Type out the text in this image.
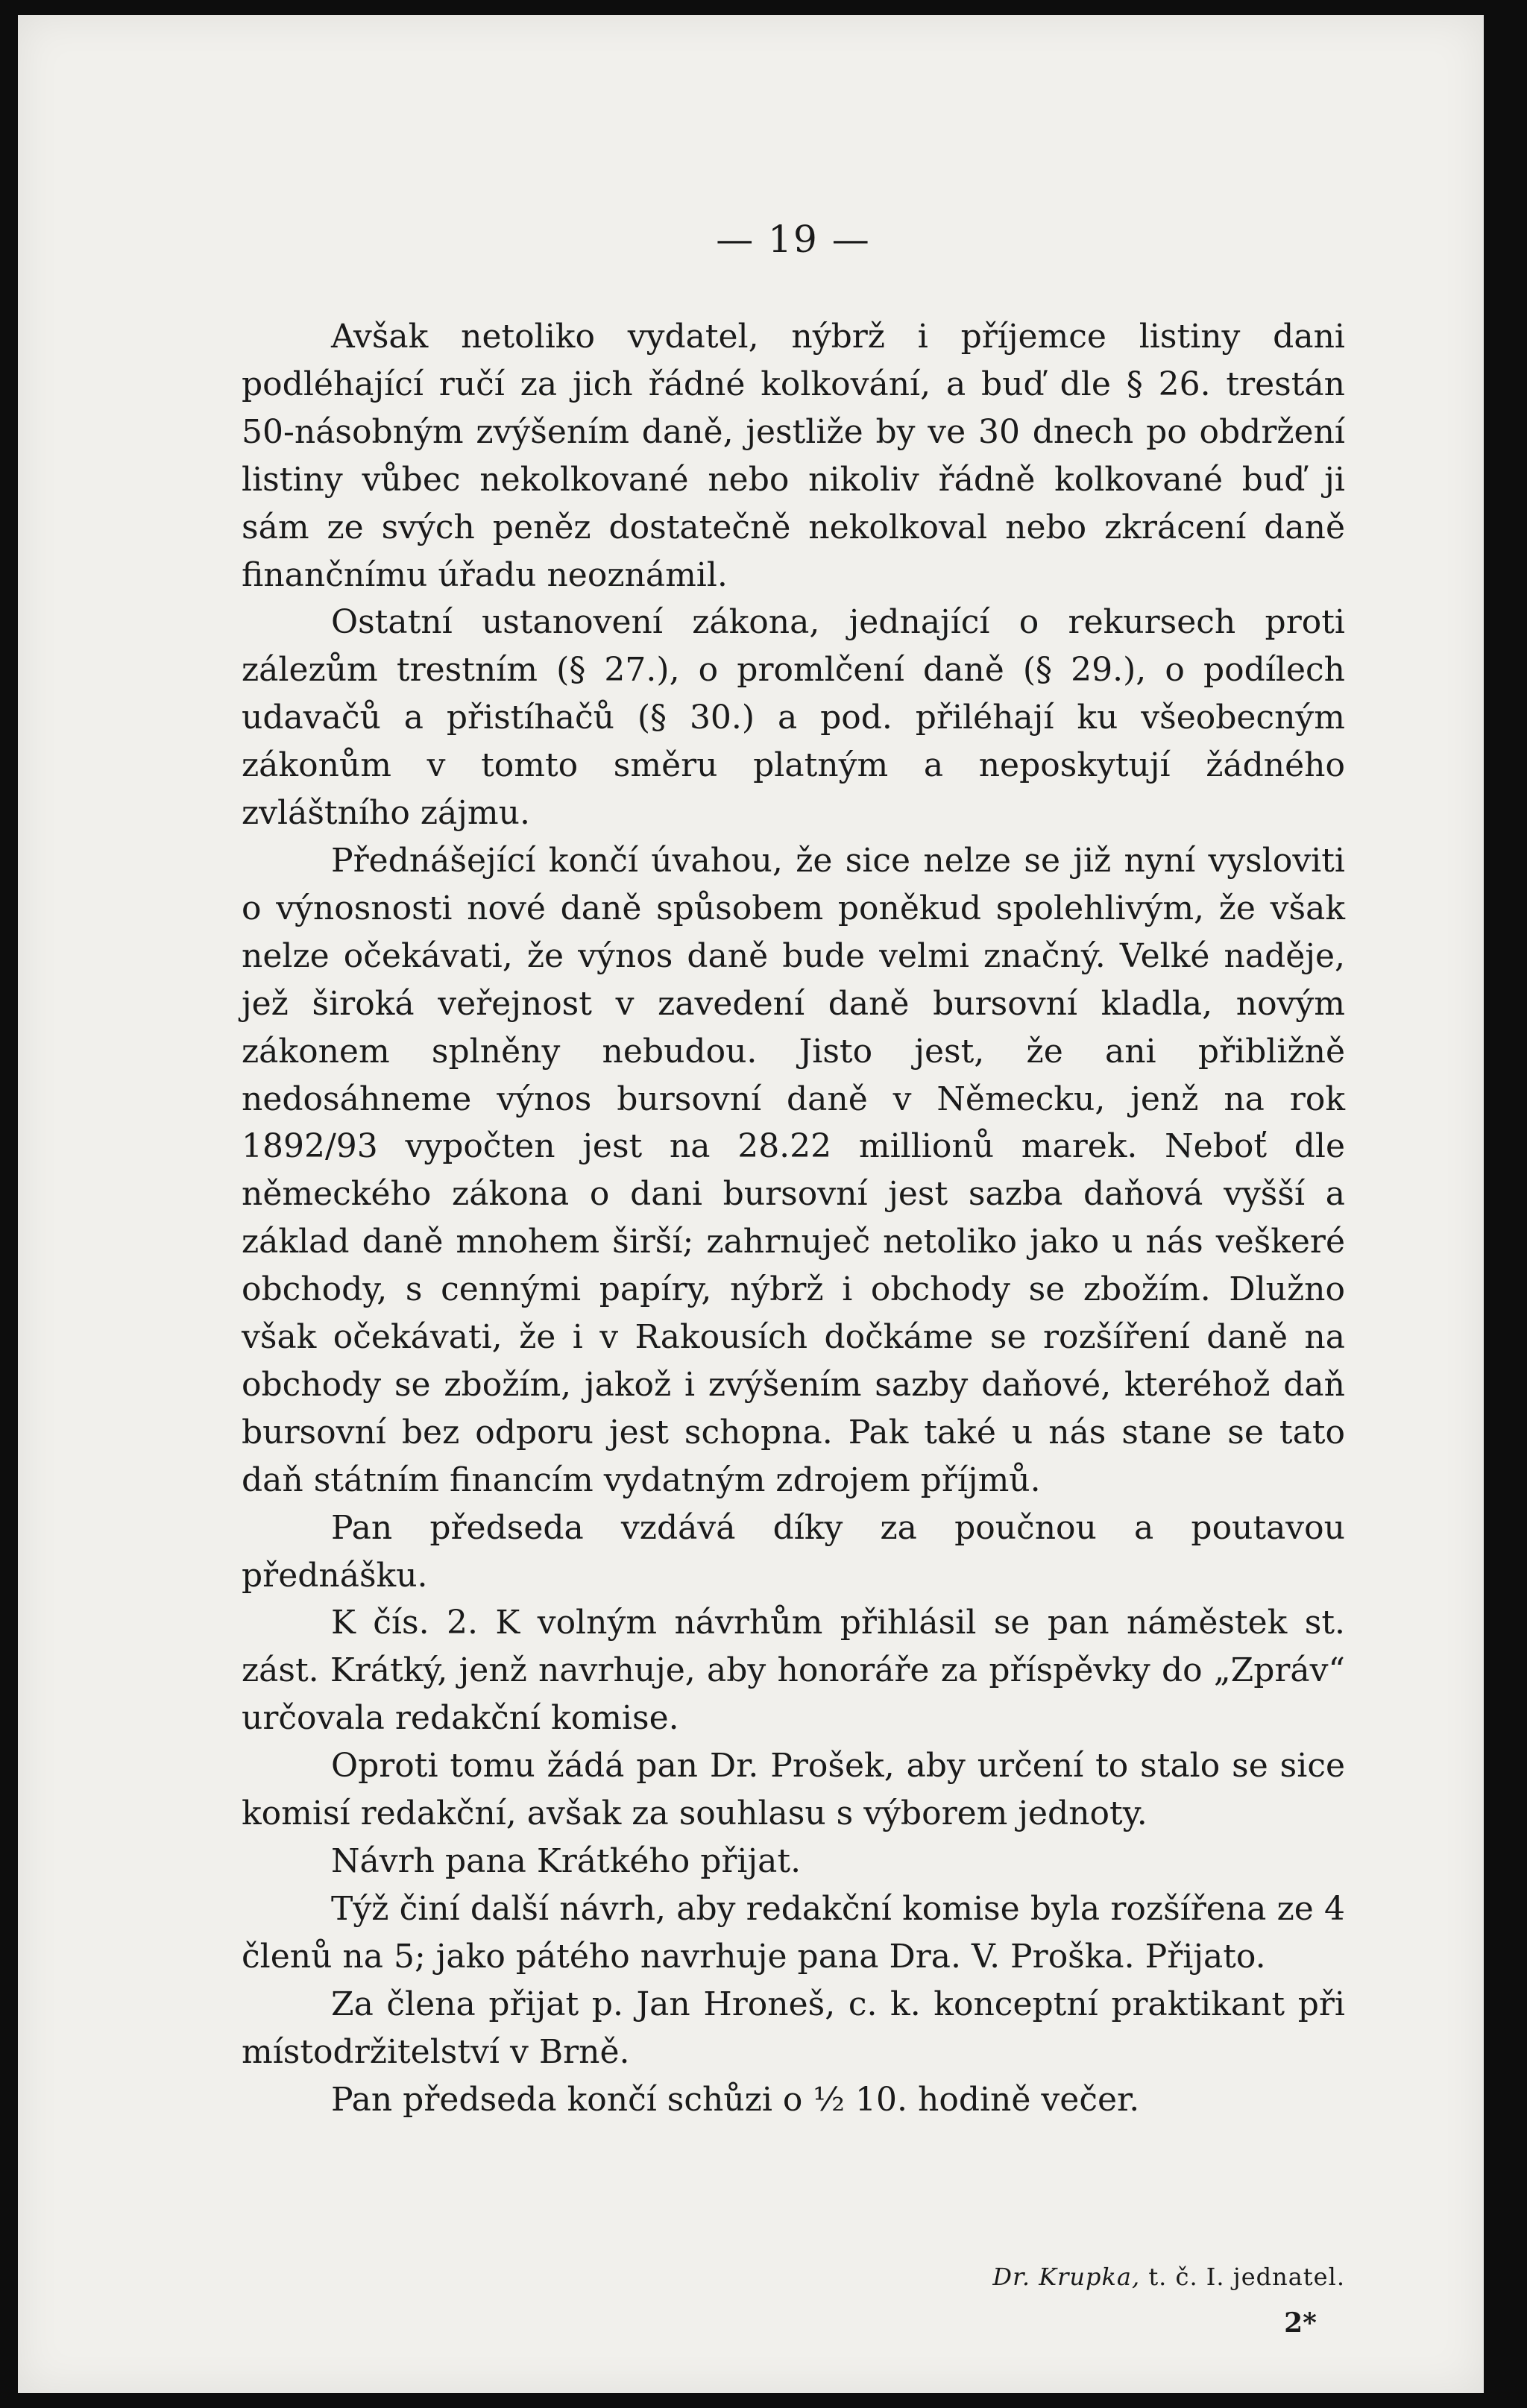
— 19 —

Avšak netoliko vydatel, nýbrž i příjemce listiny dani podléhající ručí za jich řádné kolkování, a buď dle § 26. trestán 50-násobným zvýšením daně, jestliže by ve 30 dnech po obdržení listiny vůbec nekolkované nebo nikoliv řádně kolkované buď ji sám ze svých peněz dostatečně nekolkoval nebo zkrácení daně finančnímu úřadu neoznámil.

Ostatní ustanovení zákona, jednající o rekursech proti zálezům trestním (§ 27.), o promlčení daně (§ 29.), o podílech udavačů a přistíhačů (§ 30.) a pod. přiléhají ku všeobecným zákonům v tomto směru platným a neposkytují žádného zvláštního zájmu.

Přednášející končí úvahou, že sice nelze se již nyní vysloviti o výnosnosti nové daně spůsobem poněkud spolehlivým, že však nelze očekávati, že výnos daně bude velmi značný. Velké naděje, jež široká veřejnost v zavedení daně bursovní kladla, novým zákonem splněny nebudou. Jisto jest, že ani přibližně nedosáhneme výnos bursovní daně v Německu, jenž na rok 1892/93 vypočten jest na 28.22 millionů marek. Neboť dle německého zákona o dani bursovní jest sazba daňová vyšší a základ daně mnohem širší; zahrnuječ netoliko jako u nás veškeré obchody, s cennými papíry, nýbrž i obchody se zbožím. Dlužno však očekávati, že i v Rakousích dočkáme se rozšíření daně na obchody se zbožím, jakož i zvýšením sazby daňové, kteréhož daň bursovní bez odporu jest schopna. Pak také u nás stane se tato daň státním financím vydatným zdrojem příjmů.

Pan předseda vzdává díky za poučnou a poutavou přednášku.

K čís. 2. K volným návrhům přihlásil se pan náměstek st. zást. Krátký, jenž navrhuje, aby honoráře za příspěvky do „Zpráv“ určovala redakční komise.

Oproti tomu žádá pan Dr. Prošek, aby určení to stalo se sice komisí redakční, avšak za souhlasu s výborem jednoty.

Návrh pana Krátkého přijat.

Týž činí další návrh, aby redakční komise byla rozšířena ze 4 členů na 5; jako pátého navrhuje pana Dra. V. Proška. Přijato.

Za člena přijat p. Jan Hroneš, c. k. konceptní praktikant při místodržitelství v Brně.

Pan předseda končí schůzi o ½ 10. hodině večer.

Dr. Krupka, t. č. I. jednatel.
2*
